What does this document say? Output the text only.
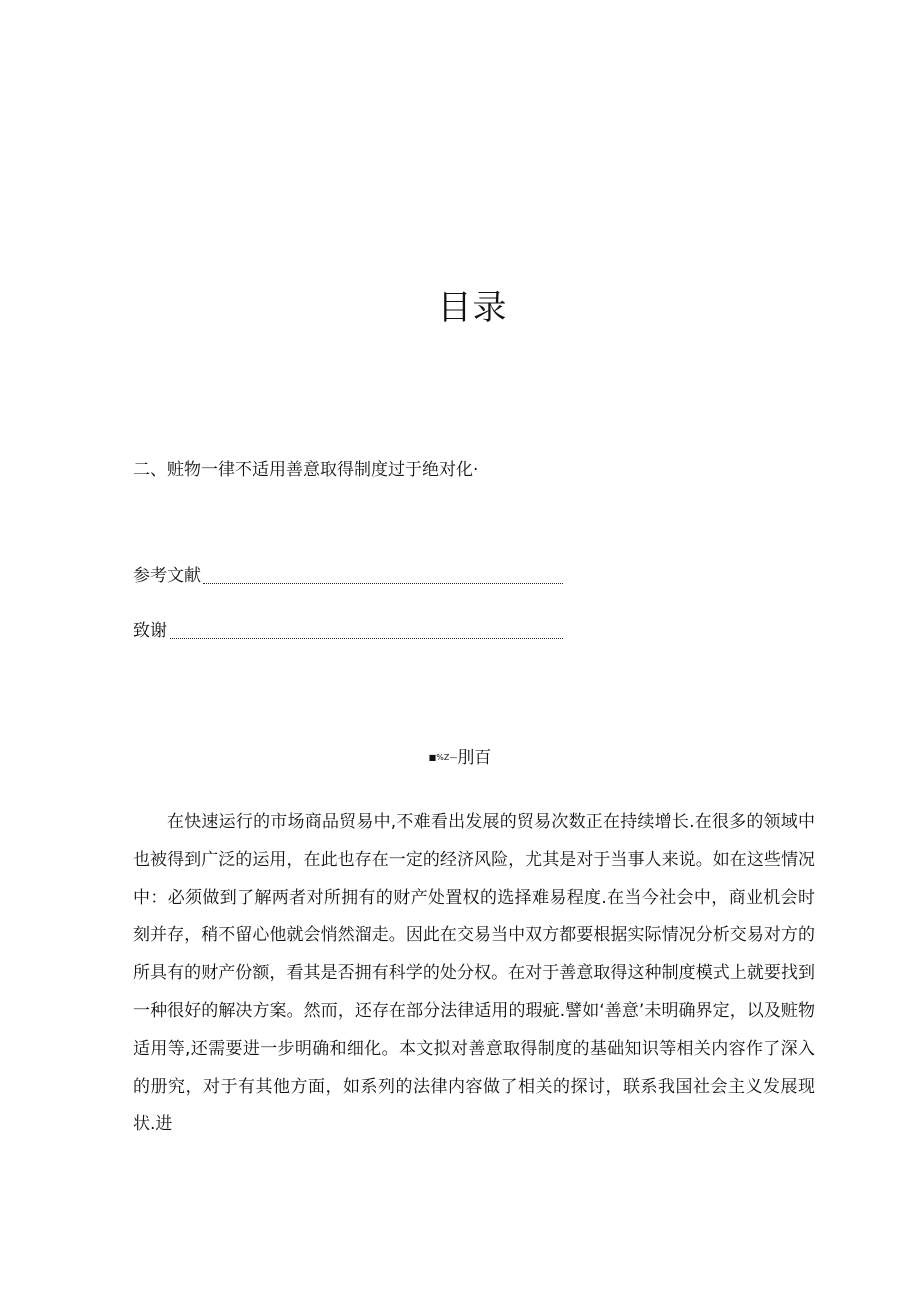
目录
二、赃物一律不适用善意取得制度过于绝对化·
参考文献
致谢
■%Z—刖百

在快速运行的市场商品贸易中,不难看出发展的贸易次数正在持续增长.在很多的领域中也被得到广泛的运用，在此也存在一定的经济风险，尤其是对于当事人来说。如在这些情况中：必须做到了解两者对所拥有的财产处置权的选择难易程度.在当今社会中，商业机会时刻并存，稍不留心他就会悄然溜走。因此在交易当中双方都要根据实际情况分析交易对方的所具有的财产份额，看其是否拥有科学的处分权。在对于善意取得这种制度模式上就要找到一种很好的解决方案。然而，还存在部分法律适用的瑕疵.譬如‘善意’未明确界定，以及赃物适用等,还需要进一步明确和细化。本文拟对善意取得制度的基础知识等相关内容作了深入的册究，对于有其他方面，如系列的法律内容做了相关的探讨，联系我国社会主义发展现状.进
